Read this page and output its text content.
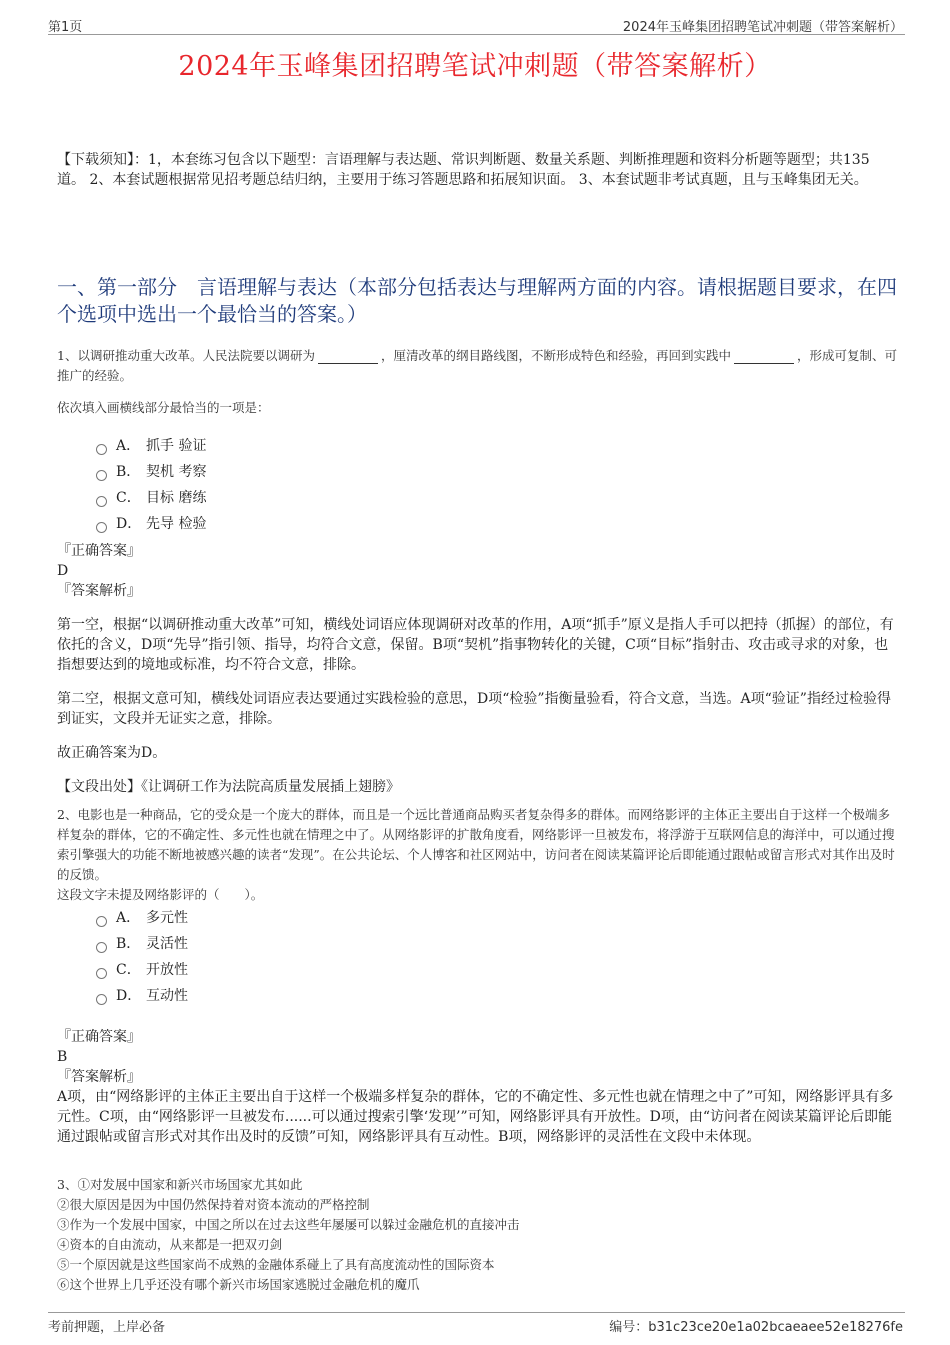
第1页	2024年玉峰集团招聘笔试冲刺题（带答案解析）
2024年玉峰集团招聘笔试冲刺题（带答案解析）
【下载须知】：1，本套练习包含以下题型：言语理解与表达题、常识判断题、数量关系题、判断推理题和资料分析题等题型；共135道。 2、本套试题根据常见招考题总结归纳，主要用于练习答题思路和拓展知识面。 3、本套试题非考试真题，且与玉峰集团无关。
一、第一部分　言语理解与表达（本部分包括表达与理解两方面的内容。请根据题目要求，在四个选项中选出一个最恰当的答案。）
1、以调研推动重大改革。人民法院要以调研为	，厘清改革的纲目路线图，不断形成特色和经验，再回到实践中	，形成可复制、可推广的经验。
依次填入画横线部分最恰当的一项是：
A． 抓手 验证
B． 契机 考察
C． 目标 磨练
D． 先导 检验

『正确答案』

D

『答案解析』

第一空，根据“以调研推动重大改革”可知，横线处词语应体现调研对改革的作用，A项“抓手”原义是指人手可以把持（抓握）的部位，有依托的含义，D项“先导”指引领、指导，均符合文意，保留。B项“契机”指事物转化的关键，C项“目标”指射击、攻击或寻求的对象，也指想要达到的境地或标准，均不符合文意，排除。

第二空，根据文意可知，横线处词语应表达要通过实践检验的意思，D项“检验”指衡量验看，符合文意，当选。A项“验证”指经过检验得到证实，文段并无证实之意，排除。

故正确答案为D。

【文段出处】《让调研工作为法院高质量发展插上翅膀》

2、电影也是一种商品，它的受众是一个庞大的群体，而且是一个远比普通商品购买者复杂得多的群体。而网络影评的主体正主要出自于这样一个极端多样复杂的群体，它的不确定性、多元性也就在情理之中了。从网络影评的扩散角度看，网络影评一旦被发布，将浮游于互联网信息的海洋中，可以通过搜索引擎强大的功能不断地被感兴趣的读者“发现”。在公共论坛、个人博客和社区网站中，访问者在阅读某篇评论后即能通过跟帖或留言形式对其作出及时的反馈。
这段文字未提及网络影评的（　　）。
A． 多元性
B． 灵活性
C． 开放性
D． 互动性

『正确答案』

B

『答案解析』

A项，由“网络影评的主体正主要出自于这样一个极端多样复杂的群体，它的不确定性、多元性也就在情理之中了”可知，网络影评具有多元性。C项，由“网络影评一旦被发布......可以通过搜索引擎‘发现’”可知，网络影评具有开放性。D项，由“访问者在阅读某篇评论后即能通过跟帖或留言形式对其作出及时的反馈”可知，网络影评具有互动性。B项，网络影评的灵活性在文段中未体现。

3、①对发展中国家和新兴市场国家尤其如此
②很大原因是因为中国仍然保持着对资本流动的严格控制
③作为一个发展中国家，中国之所以在过去这些年屡屡可以躲过金融危机的直接冲击
④资本的自由流动，从来都是一把双刃剑
⑤一个原因就是这些国家尚不成熟的金融体系碰上了具有高度流动性的国际资本
⑥这个世界上几乎还没有哪个新兴市场国家逃脱过金融危机的魔爪
考前押题，上岸必备	编号：b31c23ce20e1a02bcaeaee52e18276fe
